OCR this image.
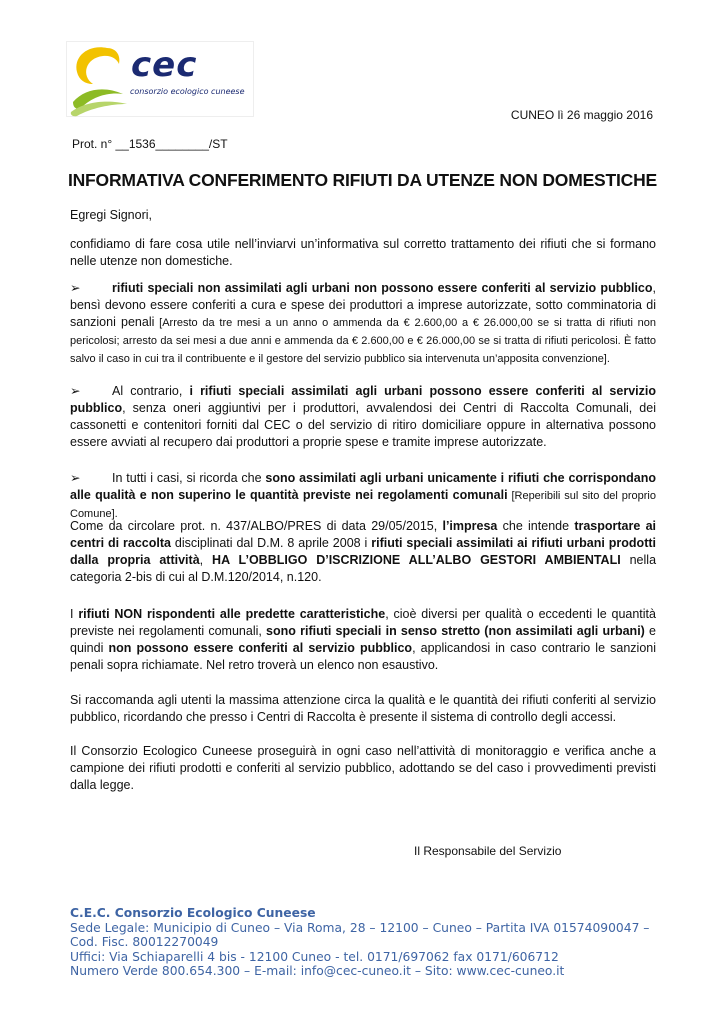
cec
consorzio ecologico cuneese
CUNEO lì 26 maggio 2016
Prot. n° __1536________/ST
INFORMATIVA CONFERIMENTO RIFIUTI DA UTENZE NON DOMESTICHE
Egregi Signori,
confidiamo di fare cosa utile nell’inviarvi un’informativa sul corretto trattamento dei rifiuti che si formano nelle utenze non domestiche.
➢	rifiuti speciali non assimilati agli urbani non possono essere conferiti al servizio pubblico, bensì devono essere conferiti a cura e spese dei produttori a imprese autorizzate, sotto comminatoria di sanzioni penali [Arresto da tre mesi a un anno o ammenda da € 2.600,00 a € 26.000,00 se si tratta di rifiuti non pericolosi; arresto da sei mesi a due anni e ammenda da € 2.600,00 e € 26.000,00 se si tratta di rifiuti pericolosi. È fatto salvo il caso in cui tra il contribuente e il gestore del servizio pubblico sia intervenuta un’apposita convenzione].
➢	Al contrario, i rifiuti speciali assimilati agli urbani possono essere conferiti al servizio pubblico, senza oneri aggiuntivi per i produttori, avvalendosi dei Centri di Raccolta Comunali, dei cassonetti e contenitori forniti dal CEC o del servizio di ritiro domiciliare oppure in alternativa possono essere avviati al recupero dai produttori a proprie spese e tramite imprese autorizzate.
➢	In tutti i casi, si ricorda che sono assimilati agli urbani unicamente i rifiuti che corrispondano alle qualità e non superino le quantità previste nei regolamenti comunali [Reperibili sul sito del proprio Comune].
Come da circolare prot. n. 437/ALBO/PRES di data 29/05/2015, l’impresa che intende trasportare ai centri di raccolta disciplinati dal D.M. 8 aprile 2008 i rifiuti speciali assimilati ai rifiuti urbani prodotti dalla propria attività, HA L’OBBLIGO D’ISCRIZIONE ALL’ALBO GESTORI AMBIENTALI nella categoria 2-bis di cui al D.M.120/2014, n.120.
I rifiuti NON rispondenti alle predette caratteristiche, cioè diversi per qualità o eccedenti le quantità previste nei regolamenti comunali, sono rifiuti speciali in senso stretto (non assimilati agli urbani) e quindi non possono essere conferiti al servizio pubblico, applicandosi in caso contrario le sanzioni penali sopra richiamate. Nel retro troverà un elenco non esaustivo.
Si raccomanda agli utenti la massima attenzione circa la qualità e le quantità dei rifiuti conferiti al servizio pubblico, ricordando che presso i Centri di Raccolta è presente il sistema di controllo degli accessi.
Il Consorzio Ecologico Cuneese proseguirà in ogni caso nell’attività di monitoraggio e verifica anche a campione dei rifiuti prodotti e conferiti al servizio pubblico, adottando se del caso i provvedimenti previsti dalla legge.
Il Responsabile del Servizio
C.E.C. Consorzio Ecologico Cuneese
Sede Legale: Municipio di Cuneo – Via Roma, 28 – 12100 – Cuneo – Partita IVA 01574090047 – Cod. Fisc. 80012270049
Uffici: Via Schiaparelli 4 bis - 12100 Cuneo - tel. 0171/697062 fax 0171/606712
Numero Verde 800.654.300 – E-mail: info@cec-cuneo.it – Sito: www.cec-cuneo.it
